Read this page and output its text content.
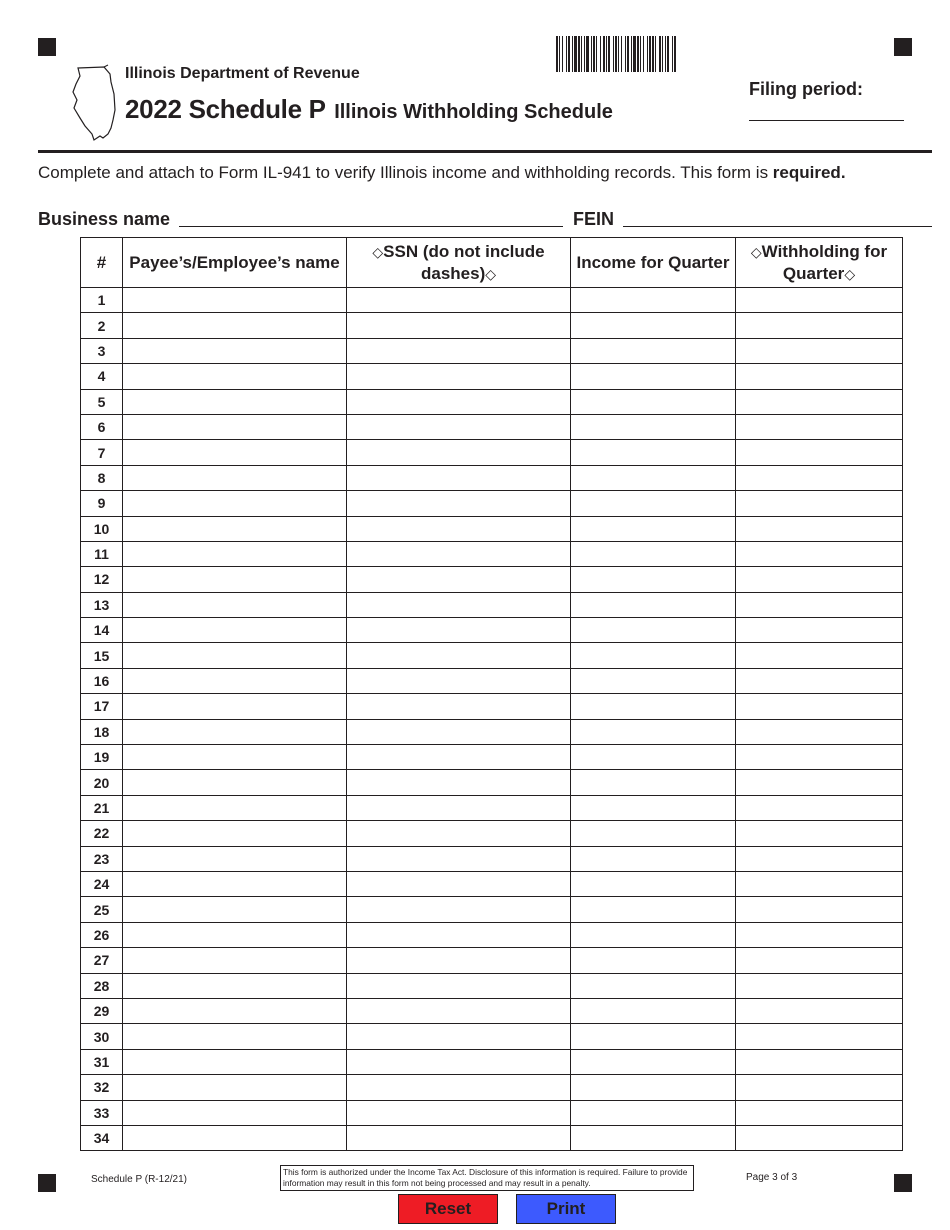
Illinois Department of Revenue
2022 Schedule P Illinois Withholding Schedule
Filing period:
Complete and attach to Form IL-941 to verify Illinois income and withholding records. This form is required.
Business name	FEIN
#	Payee’s/Employee’s name	◇SSN (do not include dashes)◇	Income for Quarter	◇Withholding for Quarter◇
1				
2				
3				
4				
5				
6				
7				
8				
9				
10				
11				
12				
13				
14				
15				
16				
17				
18				
19				
20				
21				
22				
23				
24				
25				
26				
27				
28				
29				
30				
31				
32				
33				
34				
Schedule P (R-12/21)
This form is authorized under the Income Tax Act. Disclosure of this information is required. Failure to provide information may result in this form not being processed and may result in a penalty.	Page 3 of 3
Reset	Print
